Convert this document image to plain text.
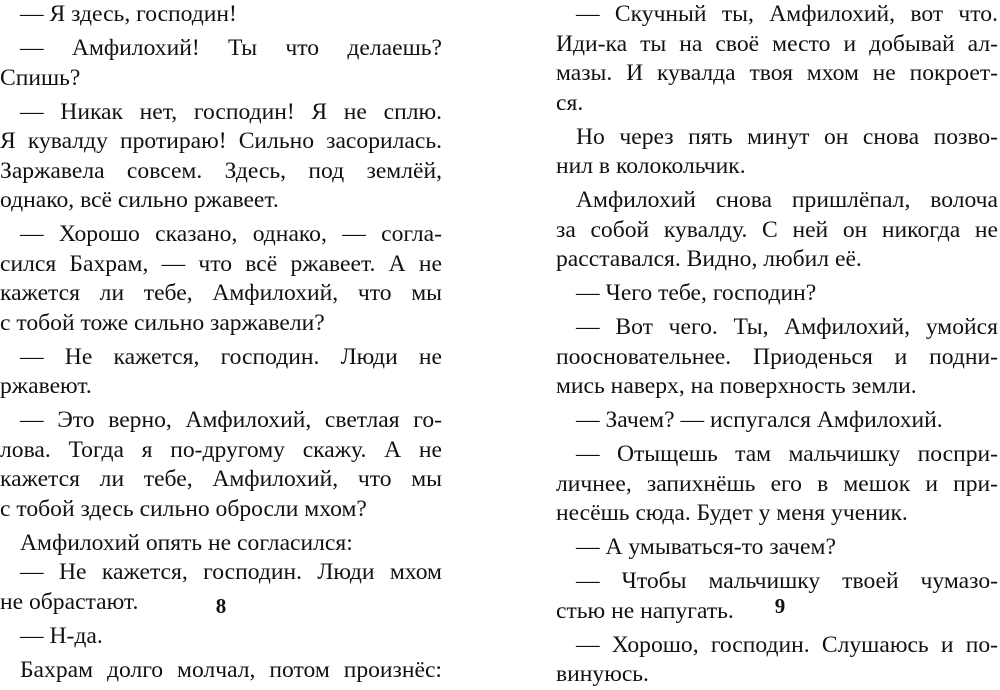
— Я здесь, господин!
— Амфилохий! Ты что делаешь?
Спишь?
— Никак нет, господин! Я не сплю.
Я кувалду протираю! Сильно засорилась.
Заржавела совсем. Здесь, под землёй,
однако, всё сильно ржавеет.
— Хорошо сказано, однако, — согла-
сился Бахрам, — что всё ржавеет. А не
кажется ли тебе, Амфилохий, что мы
с тобой тоже сильно заржавели?
— Не кажется, господин. Люди не
ржавеют.
— Это верно, Амфилохий, светлая го-
лова. Тогда я по-другому скажу. А не
кажется ли тебе, Амфилохий, что мы
с тобой здесь сильно обросли мхом?
Амфилохий опять не согласился:
— Не кажется, господин. Люди мхом
не обрастают.
— Н-да.
Бахрам долго молчал, потом произнёс:
— Скучный ты, Амфилохий, вот что.
Иди-ка ты на своё место и добывай ал-
мазы. И кувалда твоя мхом не покроет-
ся.
Но через пять минут он снова позво-
нил в колокольчик.
Амфилохий снова пришлёпал, волоча
за собой кувалду. С ней он никогда не
расставался. Видно, любил её.
— Чего тебе, господин?
— Вот чего. Ты, Амфилохий, умойся
поосновательнее. Приоденься и подни-
мись наверх, на поверхность земли.
— Зачем? — испугался Амфилохий.
— Отыщешь там мальчишку поспри-
личнее, запихнёшь его в мешок и при-
несёшь сюда. Будет у меня ученик.
— А умываться-то зачем?
— Чтобы мальчишку твоей чумазо-
стью не напугать.
— Хорошо, господин. Слушаюсь и по-
винуюсь.
8	9
